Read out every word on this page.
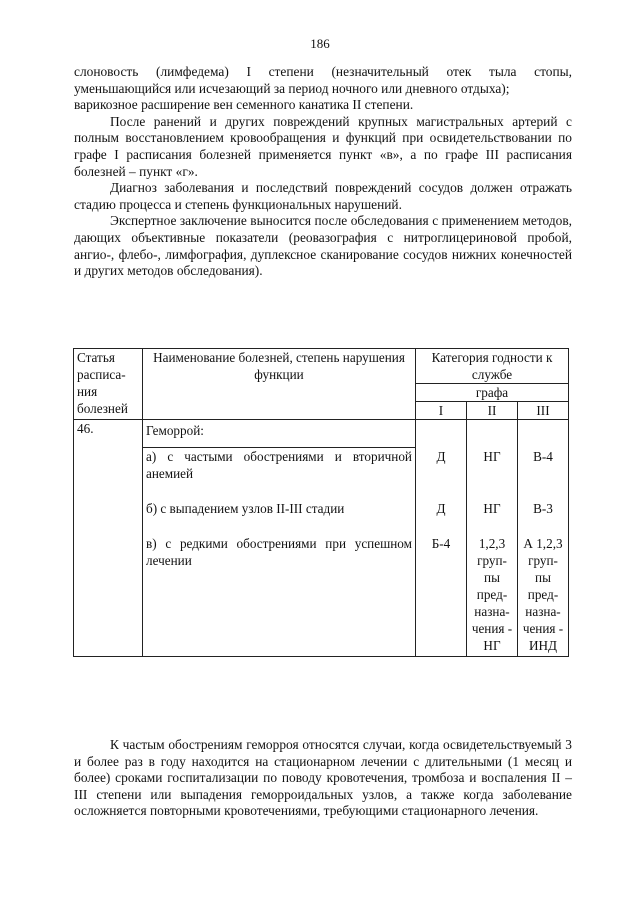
186

слоновость (лимфедема) I степени (незначительный отек тыла стопы, уменьшающийся или исчезающий за период ночного или дневного отдыха);

варикозное расширение вен семенного канатика II степени.

После ранений и других повреждений крупных магистральных артерий с полным восстановлением кровообращения и функций при освидетельствовании по графе I расписания болезней применяется пункт «в», а по графе III расписания болезней – пункт «г».

Диагноз заболевания и последствий повреждений сосудов должен отражать стадию процесса и степень функциональных нарушений.

Экспертное заключение выносится после обследования с применением методов, дающих объективные показатели (реовазография с нитроглицериновой пробой, ангио-, флебо-, лимфография, дуплексное сканирование сосудов нижних конечностей и других методов обследования).

Статья расписа-ния болезней	Наименование болезней, степень нарушения функции	Категория годности к службе		
		графа		
		I	II	III
46.	Геморрой:			
	а) с частыми обострениями и вторичной анемией	Д	НГ	В-4
	б) с выпадением узлов II-III стадии	Д	НГ	В-3
	в) с редкими обострениями при успешном лечении	Б-4	1,2,3 груп-пы пред-назна-чения - НГ	А 1,2,3 груп-пы пред-назна-чения - ИНД

К частым обострениям геморроя относятся случаи, когда освидетельствуемый 3 и более раз в году находится на стационарном лечении с длительными (1 месяц и более) сроками госпитализации по поводу кровотечения, тромбоза и воспаления II – III степени или выпадения геморроидальных узлов, а также когда заболевание осложняется повторными кровотечениями, требующими стационарного лечения.
